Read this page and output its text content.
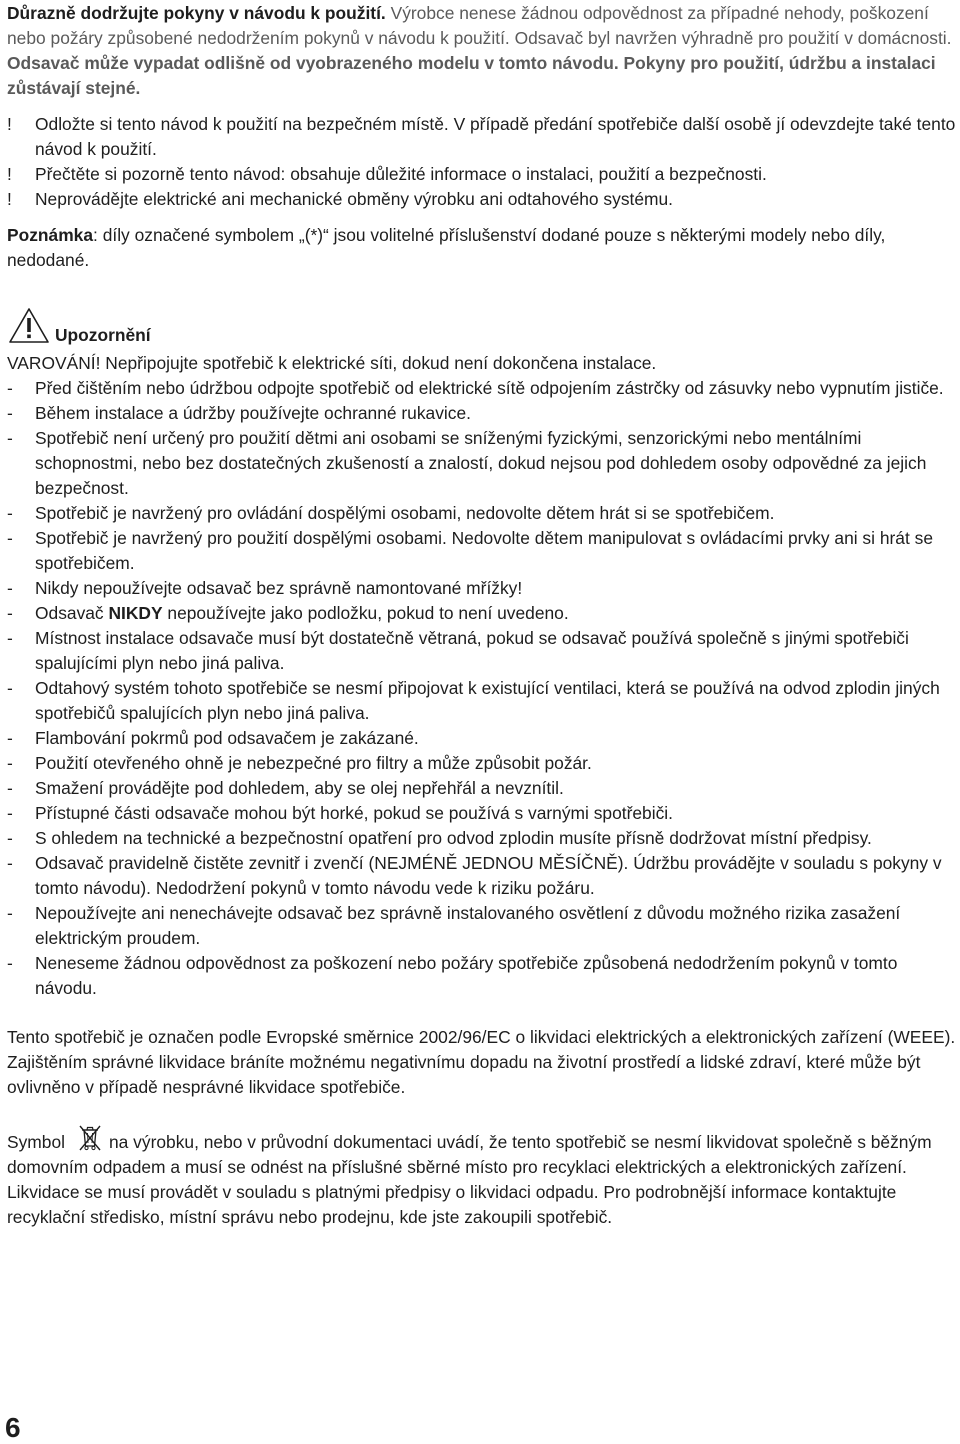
Důrazně dodržujte pokyny v návodu k použití. Výrobce nenese žádnou odpovědnost za případné nehody, poškození nebo požáry způsobené nedodržením pokynů v návodu k použití. Odsavač byl navržen výhradně pro použití v domácnosti.

Odsavač může vypadat odlišně od vyobrazeného modelu v tomto návodu. Pokyny pro použití, údržbu a instalaci zůstávají stejné.

!	Odložte si tento návod k použití na bezpečném místě. V případě předání spotřebiče další osobě jí odevzdejte také tento návod k použití.
!	Přečtěte si pozorně tento návod: obsahuje důležité informace o instalaci, použití a bezpečnosti.
!	Neprovádějte elektrické ani mechanické obměny výrobku ani odtahového systému.

Poznámka: díly označené symbolem „(*)“ jsou volitelné příslušenství dodané pouze s některými modely nebo díly, nedodané.

Upozornění

VAROVÁNÍ! Nepřipojujte spotřebič k elektrické síti, dokud není dokončena instalace.

-	Před čištěním nebo údržbou odpojte spotřebič od elektrické sítě odpojením zástrčky od zásuvky nebo vypnutím jističe.
-	Během instalace a údržby používejte ochranné rukavice.
-	Spotřebič není určený pro použití dětmi ani osobami se sníženými fyzickými, senzorickými nebo mentálními schopnostmi, nebo bez dostatečných zkušeností a znalostí, dokud nejsou pod dohledem osoby odpovědné za jejich bezpečnost.
-	Spotřebič je navržený pro ovládání dospělými osobami, nedovolte dětem hrát si se spotřebičem.
-	Spotřebič je navržený pro použití dospělými osobami. Nedovolte dětem manipulovat s ovládacími prvky ani si hrát se spotřebičem.
-	Nikdy nepoužívejte odsavač bez správně namontované mřížky!
-	Odsavač NIKDY nepoužívejte jako podložku, pokud to není uvedeno.
-	Místnost instalace odsavače musí být dostatečně větraná, pokud se odsavač používá společně s jinými spotřebiči spalujícími plyn nebo jiná paliva.
-	Odtahový systém tohoto spotřebiče se nesmí připojovat k existující ventilaci, která se používá na odvod zplodin jiných spotřebičů spalujících plyn nebo jiná paliva.
-	Flambování pokrmů pod odsavačem je zakázané.
-	Použití otevřeného ohně je nebezpečné pro filtry a může způsobit požár.
-	Smažení provádějte pod dohledem, aby se olej nepřehřál a nevznítil.
-	Přístupné části odsavače mohou být horké, pokud se používá s varnými spotřebiči.
-	S ohledem na technické a bezpečnostní opatření pro odvod zplodin musíte přísně dodržovat místní předpisy.
-	Odsavač pravidelně čistěte zevnitř i zvenčí (NEJMÉNĚ JEDNOU MĚSÍČNĚ). Údržbu provádějte v souladu s pokyny v tomto návodu). Nedodržení pokynů v tomto návodu vede k riziku požáru.
-	Nepoužívejte ani nenechávejte odsavač bez správně instalovaného osvětlení z důvodu možného rizika zasažení elektrickým proudem.
-	Neneseme žádnou odpovědnost za poškození nebo požáry spotřebiče způsobená nedodržením pokynů v tomto návodu.

Tento spotřebič je označen podle Evropské směrnice 2002/96/EC o likvidaci elektrických a elektronických zařízení (WEEE). Zajištěním správné likvidace bráníte možnému negativnímu dopadu na životní prostředí a lidské zdraví, které může být ovlivněno v případě nesprávné likvidace spotřebiče.

Symbol	na výrobku, nebo v průvodní dokumentaci uvádí, že tento spotřebič se nesmí likvidovat společně s běžným domovním odpadem a musí se odnést na příslušné sběrné místo pro recyklaci elektrických a elektronických zařízení. Likvidace se musí provádět v souladu s platnými předpisy o likvidaci odpadu. Pro podrobnější informace kontaktujte recyklační středisko, místní správu nebo prodejnu, kde jste zakoupili spotřebič.

6
